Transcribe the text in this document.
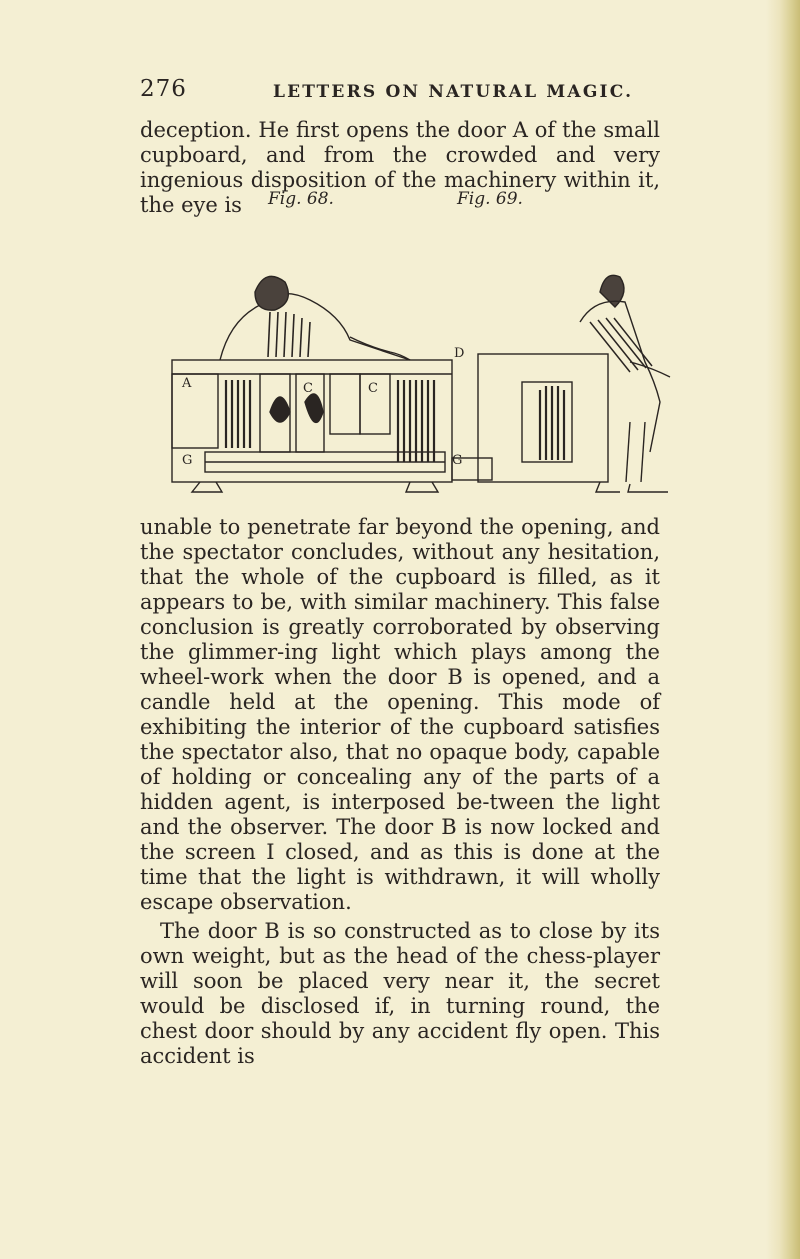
276	LETTERS ON NATURAL MAGIC.

deception. He first opens the door A of the small cupboard, and from the crowded and very ingenious disposition of the machinery within it, the eye is	Fig. 68.	Fig. 69.
A	C	C
G	G
D

unable to penetrate far beyond the opening, and the spectator concludes, without any hesitation, that the whole of the cupboard is filled, as it appears to be, with similar machinery. This false conclusion is greatly corroborated by observing the glimmer-ing light which plays among the wheel-work when the door B is opened, and a candle held at the opening. This mode of exhibiting the interior of the cupboard satisfies the spectator also, that no opaque body, capable of holding or concealing any of the parts of a hidden agent, is interposed be-tween the light and the observer. The door B is now locked and the screen I closed, and as this is done at the time that the light is withdrawn, it will wholly escape observation.

The door B is so constructed as to close by its own weight, but as the head of the chess-player will soon be placed very near it, the secret would be disclosed if, in turning round, the chest door should by any accident fly open. This accident is
